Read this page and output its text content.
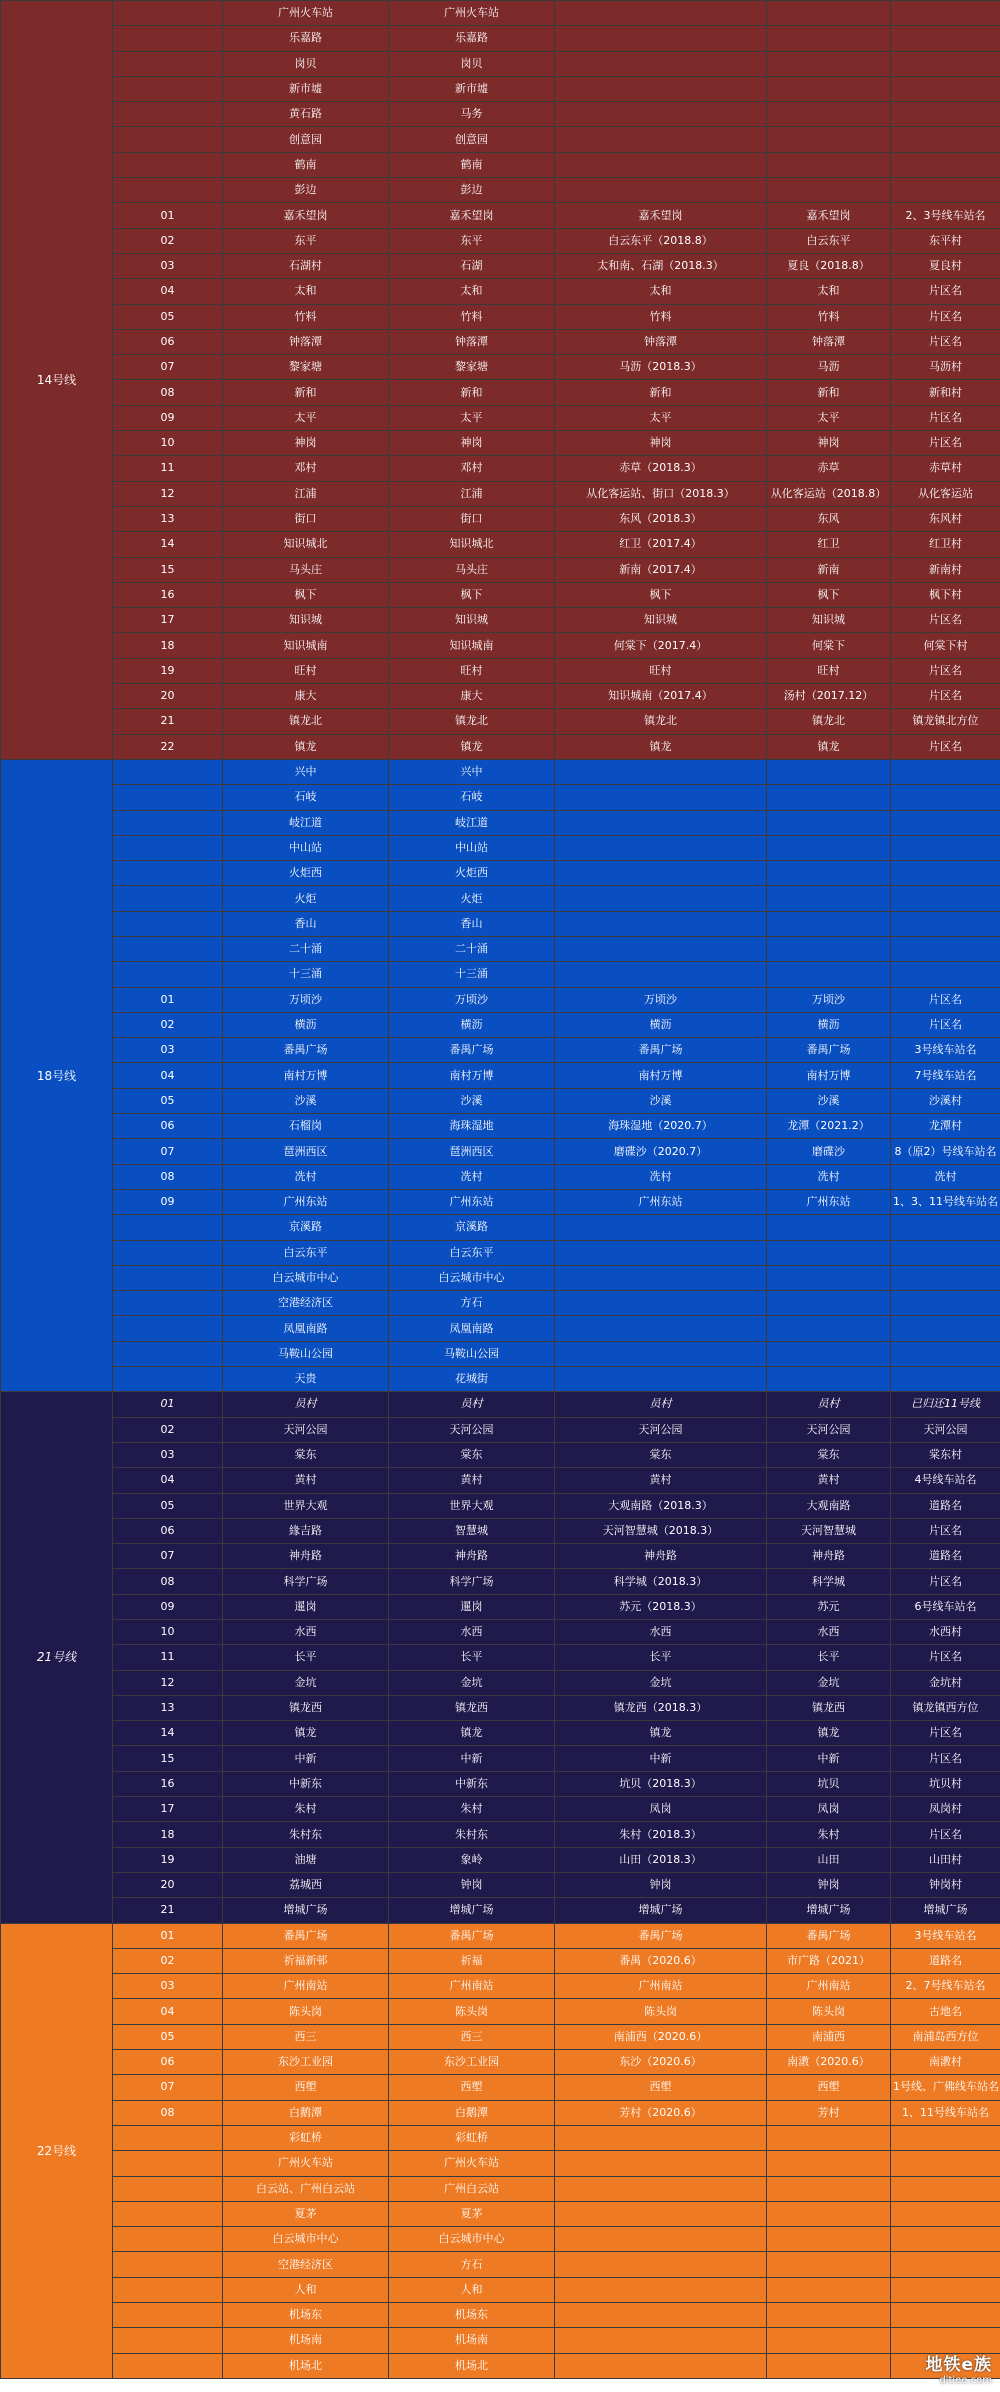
14号线		广州火车站	广州火车站			
		乐嘉路	乐嘉路			
		岗贝	岗贝			
		新市墟	新市墟			
		黄石路	马务			
		创意园	创意园			
		鹤南	鹤南			
		彭边	彭边			
	01	嘉禾望岗	嘉禾望岗	嘉禾望岗	嘉禾望岗	2、3号线车站名
	02	东平	东平	白云东平（2018.8）	白云东平	东平村
	03	石湖村	石湖	太和南、石湖（2018.3）	夏良（2018.8）	夏良村
	04	太和	太和	太和	太和	片区名
	05	竹料	竹料	竹料	竹料	片区名
	06	钟落潭	钟落潭	钟落潭	钟落潭	片区名
	07	黎家塘	黎家塘	马沥（2018.3）	马沥	马沥村
	08	新和	新和	新和	新和	新和村
	09	太平	太平	太平	太平	片区名
	10	神岗	神岗	神岗	神岗	片区名
	11	邓村	邓村	赤草（2018.3）	赤草	赤草村
	12	江浦	江浦	从化客运站、街口（2018.3）	从化客运站（2018.8）	从化客运站
	13	街口	街口	东风（2018.3）	东风	东风村
	14	知识城北	知识城北	红卫（2017.4）	红卫	红卫村
	15	马头庄	马头庄	新南（2017.4）	新南	新南村
	16	枫下	枫下	枫下	枫下	枫下村
	17	知识城	知识城	知识城	知识城	片区名
	18	知识城南	知识城南	何棠下（2017.4）	何棠下	何棠下村
	19	旺村	旺村	旺村	旺村	片区名
	20	康大	康大	知识城南（2017.4）	汤村（2017.12）	片区名
	21	镇龙北	镇龙北	镇龙北	镇龙北	镇龙镇北方位
	22	镇龙	镇龙	镇龙	镇龙	片区名
18号线		兴中	兴中			
		石岐	石岐			
		岐江道	岐江道			
		中山站	中山站			
		火炬西	火炬西			
		火炬	火炬			
		香山	香山			
		二十涌	二十涌			
		十三涌	十三涌			
	01	万顷沙	万顷沙	万顷沙	万顷沙	片区名
	02	横沥	横沥	横沥	横沥	片区名
	03	番禺广场	番禺广场	番禺广场	番禺广场	3号线车站名
	04	南村万博	南村万博	南村万博	南村万博	7号线车站名
	05	沙溪	沙溪	沙溪	沙溪	沙溪村
	06	石榴岗	海珠湿地	海珠湿地（2020.7）	龙潭（2021.2）	龙潭村
	07	琶洲西区	琶洲西区	磨碟沙（2020.7）	磨碟沙	8（原2）号线车站名
	08	冼村	冼村	冼村	冼村	冼村
	09	广州东站	广州东站	广州东站	广州东站	1、3、11号线车站名
		京溪路	京溪路			
		白云东平	白云东平			
		白云城市中心	白云城市中心			
		空港经济区	方石			
		凤凰南路	凤凰南路			
		马鞍山公园	马鞍山公园			
		天贵	花城街			
21号线	01	员村	员村	员村	员村	已归还11号线
	02	天河公园	天河公园	天河公园	天河公园	天河公园
	03	棠东	棠东	棠东	棠东	棠东村
	04	黄村	黄村	黄村	黄村	4号线车站名
	05	世界大观	世界大观	大观南路（2018.3）	大观南路	道路名
	06	緣吉路	智慧城	天河智慧城（2018.3）	天河智慧城	片区名
	07	神舟路	神舟路	神舟路	神舟路	道路名
	08	科学广场	科学广场	科学城（2018.3）	科学城	片区名
	09	暹岗	暹岗	苏元（2018.3）	苏元	6号线车站名
	10	水西	水西	水西	水西	水西村
	11	长平	长平	长平	长平	片区名
	12	金坑	金坑	金坑	金坑	金坑村
	13	镇龙西	镇龙西	镇龙西（2018.3）	镇龙西	镇龙镇西方位
	14	镇龙	镇龙	镇龙	镇龙	片区名
	15	中新	中新	中新	中新	片区名
	16	中新东	中新东	坑贝（2018.3）	坑贝	坑贝村
	17	朱村	朱村	凤岗	凤岗	凤岗村
	18	朱村东	朱村东	朱村（2018.3）	朱村	片区名
	19	油塘	象岭	山田（2018.3）	山田	山田村
	20	荔城西	钟岗	钟岗	钟岗	钟岗村
	21	增城广场	增城广场	增城广场	增城广场	增城广场
22号线	01	番禺广场	番禺广场	番禺广场	番禺广场	3号线车站名
	02	祈福新邨	祈福	番禺（2020.6）	市广路（2021）	道路名
	03	广州南站	广州南站	广州南站	广州南站	2、7号线车站名
	04	陈头岗	陈头岗	陈头岗	陈头岗	古地名
	05	西三	西三	南浦西（2020.6）	南浦西	南浦岛西方位
	06	东沙工业园	东沙工业园	东沙（2020.6）	南漖（2020.6）	南漖村
	07	西塱	西塱	西塱	西塱	1号线、广佛线车站名
	08	白鹅潭	白鹅潭	芳村（2020.6）	芳村	1、11号线车站名
		彩虹桥	彩虹桥			
		广州火车站	广州火车站			
		白云站、广州白云站	广州白云站			
		夏茅	夏茅			
		白云城市中心	白云城市中心			
		空港经济区	方石			
		人和	人和			
		机场东	机场东			
		机场南	机场南			
		机场北	机场北				地铁e族
ditiee.com
